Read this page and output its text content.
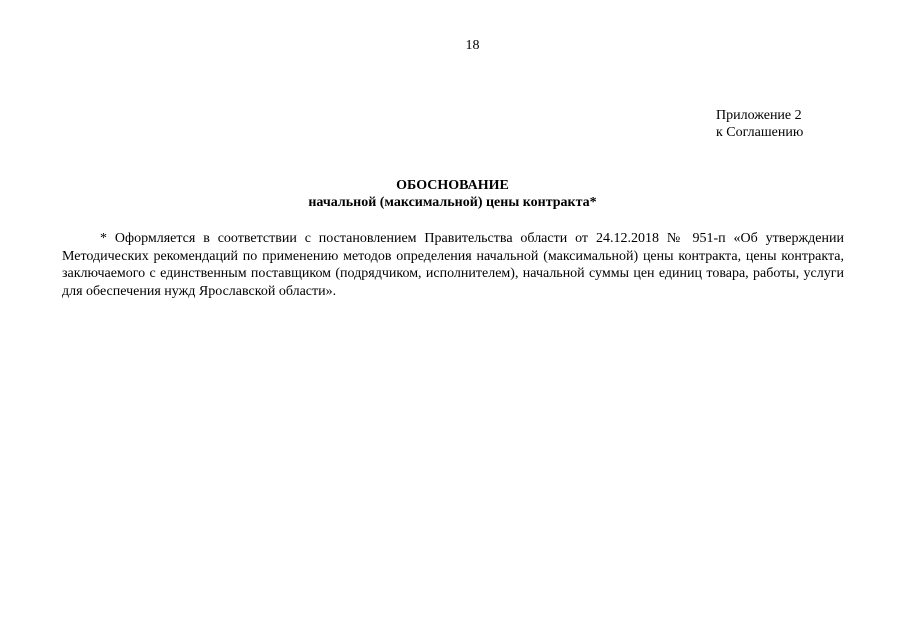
18
Приложение 2
к Соглашению
ОБОСНОВАНИЕ
начальной (максимальной) цены контракта*
* Оформляется в соответствии с постановлением Правительства области от 24.12.2018 № 951-п «Об утверждении Методических рекомендаций по применению методов определения начальной (максимальной) цены контракта, цены контракта, заключаемого с единственным поставщиком (подрядчиком, исполнителем), начальной суммы цен единиц товара, работы, услуги для обеспечения нужд Ярославской области».
